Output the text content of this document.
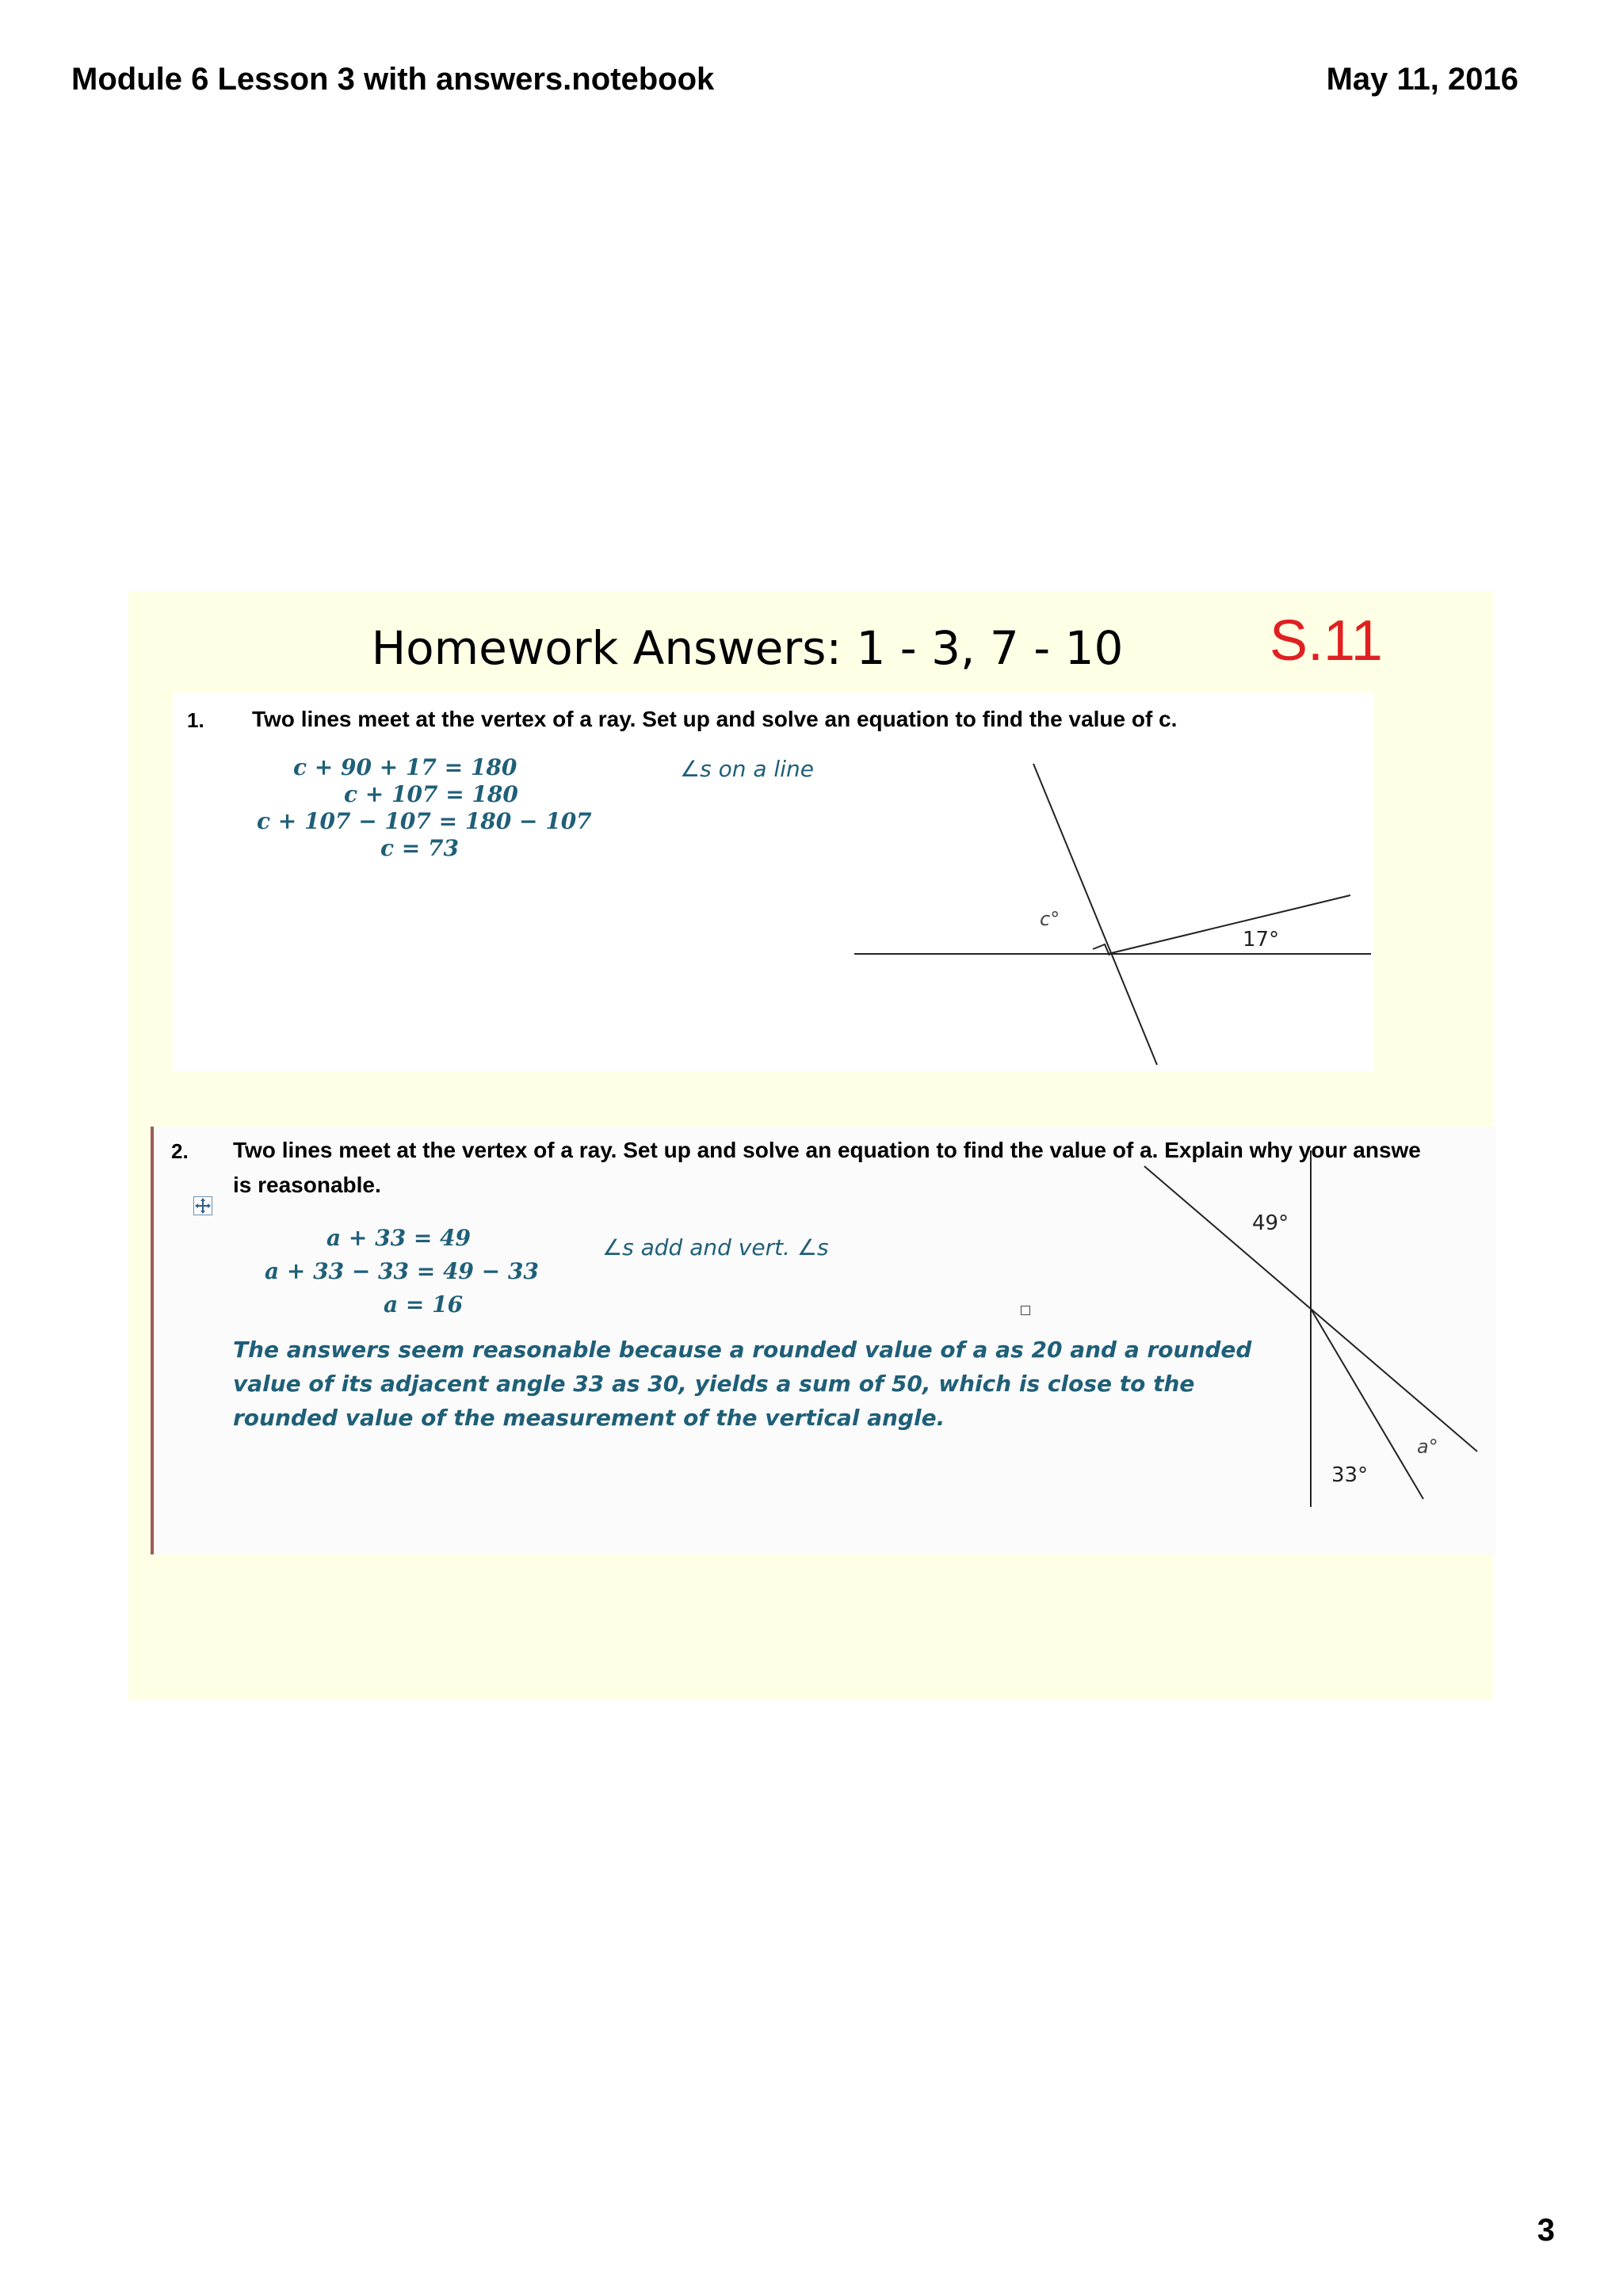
Module 6 Lesson 3 with answers.notebook	May 11, 2016
Homework Answers: 1 - 3, 7 - 10	S.11
1. Two lines meet at the vertex of a ray. Set up and solve an equation to find the value of c.
c + 90 + 17 = 180
c + 107 = 180
c + 107 − 107 = 180 − 107
c = 73
∠s on a line
c°
17°
2. Two lines meet at the vertex of a ray. Set up and solve an equation to find the value of a. Explain why your answe
is reasonable.
a + 33 = 49
a + 33 − 33 = 49 − 33
a = 16
∠s add and vert. ∠s
The answers seem reasonable because a rounded value of a as 20 and a rounded
value of its adjacent angle 33 as 30, yields a sum of 50, which is close to the
rounded value of the measurement of the vertical angle.
49°
33°
a°
3
